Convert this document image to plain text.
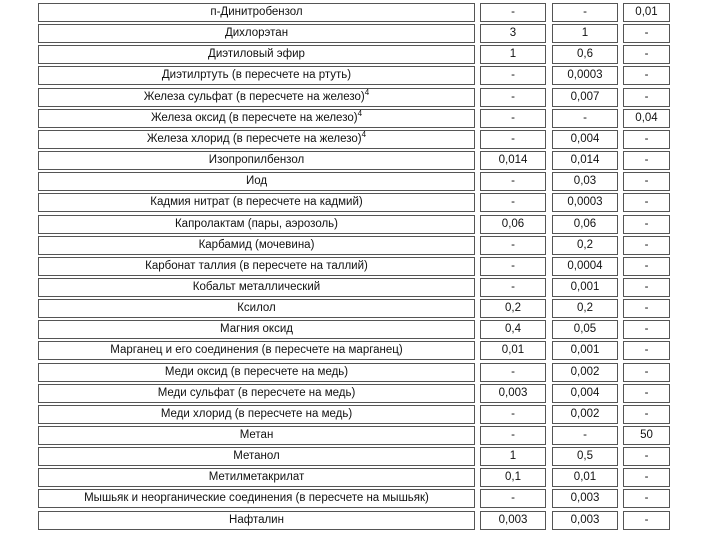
п-Динитробензол	-	-	0,01
Дихлорэтан	3	1	-
Диэтиловый эфир	1	0,6	-
Диэтилртуть (в пересчете на ртуть)	-	0,0003	-
Железа сульфат (в пересчете на железо)$^4$	-	0,007	-
Железа оксид (в пересчете на железо)$^4$	-	-	0,04
Железа хлорид (в пересчете на железо)$^4$	-	0,004	-
Изопропилбензол	0,014	0,014	-
Иод	-	0,03	-
Кадмия нитрат (в пересчете на кадмий)	-	0,0003	-
Капролактам (пары, аэрозоль)	0,06	0,06	-
Карбамид (мочевина)	-	0,2	-
Карбонат таллия (в пересчете на таллий)	-	0,0004	-
Кобальт металлический	-	0,001	-
Ксилол	0,2	0,2	-
Магния оксид	0,4	0,05	-
Марганец и его соединения (в пересчете на марганец)	0,01	0,001	-
Меди оксид (в пересчете на медь)	-	0,002	-
Меди сульфат (в пересчете на медь)	0,003	0,004	-
Меди хлорид (в пересчете на медь)	-	0,002	-
Метан	-	-	50
Метанол	1	0,5	-
Метилметакрилат	0,1	0,01	-
Мышьяк и неорганические соединения (в пересчете на мышьяк)	-	0,003	-
Нафталин	0,003	0,003	-
